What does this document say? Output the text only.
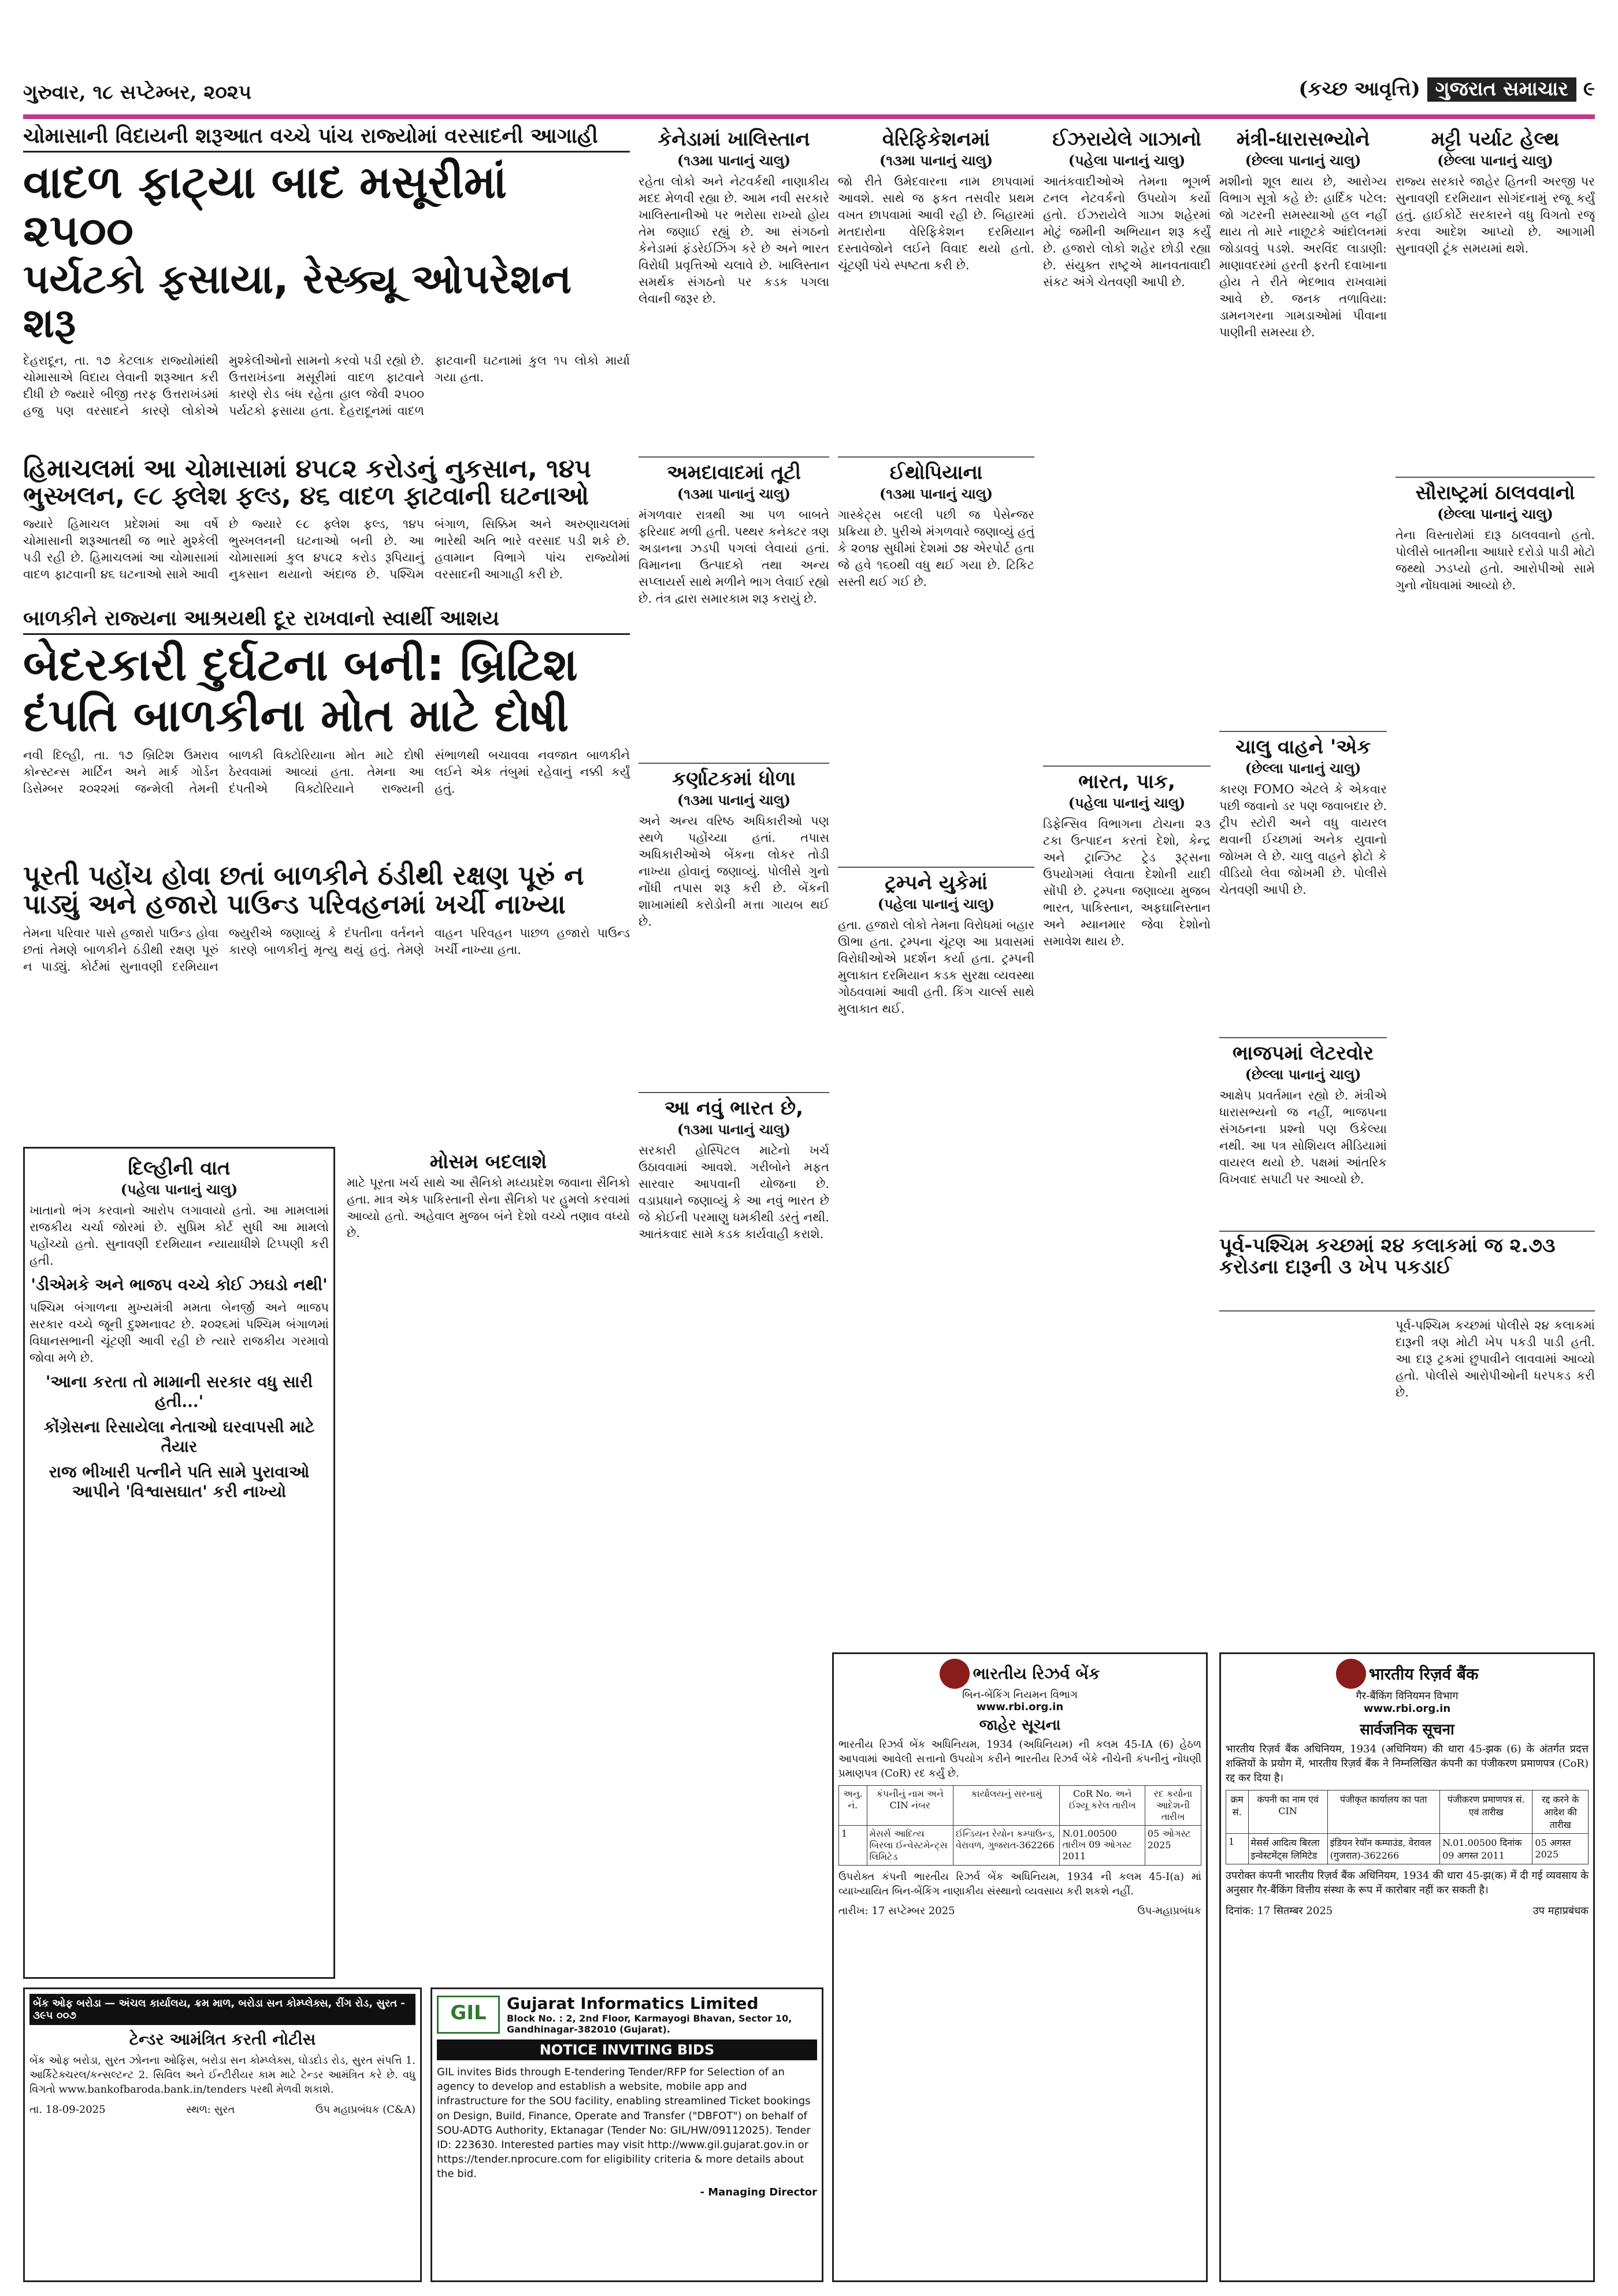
ગુરુવાર, ૧૮ સપ્ટેમ્બર, ૨૦૨૫	(કચ્છ આવૃત્તિ) ગુજરાત સમાચાર ૯
ચોમાસાની વિદાયની શરૂઆત વચ્ચે પાંચ રાજ્યોમાં વરસાદની આગાહી
વાદળ ફાટ્યા બાદ મસૂરીમાં ૨૫૦૦
પર્યટકો ફસાયા, રેસ્ક્યૂ ઓપરેશન શરૂ
દેહરાદૂન, તા. ૧૭ કેટલાક રાજ્યોમાંથી ચોમાસાએ વિદાય લેવાની શરૂઆત કરી દીધી છે જ્યારે બીજી તરફ ઉત્તરાખંડમાં હજુ પણ વરસાદને કારણે લોકોએ મુશ્કેલીઓનો સામનો કરવો પડી રહ્યો છે. ઉત્તરાખંડના મસૂરીમાં વાદળ ફાટવાને કારણે રોડ બંધ રહેતા હાલ જેવી ૨૫૦૦ પર્યટકો ફસાયા હતા. દેહરાદૂનમાં વાદળ ફાટવાની ઘટનામાં કુલ ૧૫ લોકો માર્યા ગયા હતા.
હિમાચલમાં આ ચોમાસામાં ૪૫૮૨ કરોડનું નુકસાન, ૧૪૫ ભુસ્ખલન, ૯૮ ફ્લેશ ફલ્ડ, ૪૬ વાદળ ફાટવાની ઘટનાઓ
જ્યારે હિમાચલ પ્રદેશમાં આ વર્ષે ચોમાસાની શરૂઆતથી જ ભારે મુશ્કેલી પડી રહી છે. હિમાચલમાં આ ચોમાસામાં વાદળ ફાટવાની ૪૬ ઘટનાઓ સામે આવી છે જ્યારે ૯૮ ફ્લેશ ફલ્ડ, ૧૪૫ ભુસ્ખલનની ઘટનાઓ બની છે. આ ચોમાસામાં કુલ ૪૫૮૨ કરોડ રૂપિયાનું નુકસાન થયાનો અંદાજ છે. પશ્ચિમ બંગાળ, સિક્કિમ અને અરુણાચલમાં ભારેથી અતિ ભારે વરસાદ પડી શકે છે. હવામાન વિભાગે પાંચ રાજ્યોમાં વરસાદની આગાહી કરી છે.
બાળકીને રાજ્યના આશ્રયથી દૂર રાખવાનો સ્વાર્થી આશય
બેદરકારી દુર્ઘટના બની: બ્રિટિશ
દંપતિ બાળકીના મોત માટે દોષી
નવી દિલ્હી, તા. ૧૭ બ્રિટિશ ઉમરાવ કોન્સ્ટન્સ માર્ટિન અને માર્ક ગોર્ડન ડિસેમ્બર ૨૦૨૨માં જન્મેલી તેમની બાળકી વિક્ટોરિયાના મોત માટે દોષી ઠેરવવામાં આવ્યાં હતા. તેમના આ દંપતીએ વિક્ટોરિયાને રાજ્યની સંભાળથી બચાવવા નવજાત બાળકીને લઈને એક તંબુમાં રહેવાનું નક્કી કર્યું હતું.
પૂરતી પહોંચ હોવા છતાં બાળકીને ઠંડીથી રક્ષણ પૂરું ન પાડ્યું અને હજારો પાઉન્ડ પરિવહનમાં ખર્ચી નાખ્યા
તેમના પરિવાર પાસે હજારો પાઉન્ડ હોવા છતાં તેમણે બાળકીને ઠંડીથી રક્ષણ પૂરું ન પાડ્યું. કોર્ટમાં સુનાવણી દરમિયાન જ્યુરીએ જણાવ્યું કે દંપતીના વર્તનને કારણે બાળકીનું મૃત્યુ થયું હતું. તેમણે વાહન પરિવહન પાછળ હજારો પાઉન્ડ ખર્ચી નાખ્યા હતા.
દિલ્હીની વાત
(પહેલા પાનાનું ચાલુ)
ખાતાનો ભંગ કરવાનો આરોપ લગાવાયો હતો. આ મામલામાં રાજકીય ચર્ચા જોરમાં છે. સુપ્રિમ કોર્ટ સુધી આ મામલો પહોંચ્યો હતો. સુનાવણી દરમિયાન ન્યાયાધીશે ટિપ્પણી કરી હતી.
'ડીએમકે અને ભાજપ વચ્ચે કોઈ ઝઘડો નથી'
પશ્ચિમ બંગાળના મુખ્યમંત્રી મમતા બેનર્જી અને ભાજપ સરકાર વચ્ચે જૂની દુશ્મનાવટ છે. ૨૦૨૬માં પશ્ચિમ બંગાળમાં વિધાનસભાની ચૂંટણી આવી રહી છે ત્યારે રાજકીય ગરમાવો જોવા મળે છે.
'આના કરતા તો મામાની સરકાર વધુ સારી હતી...'
કોંગ્રેસના રિસાયેલા નેતાઓ ઘરવાપસી માટે તૈયાર
રાજ ભીખારી પત્નીને પતિ સામે પુરાવાઓ આપીને 'વિશ્વાસઘાત' કરી નાખ્યો
મોસમ બદલાશે
માટે પૂરતા ખર્ચ સાથે આ સૈનિકો મધ્યપ્રદેશ જવાના સૈનિકો હતા. માત્ર એક પાકિસ્તાની સેના સૈનિકો પર હુમલો કરવામાં આવ્યો હતો. અહેવાલ મુજબ બંને દેશો વચ્ચે તણાવ વધ્યો છે.
કેનેડામાં ખાલિસ્તાન
(૧૩મા પાનાનું ચાલુ)
રહેતા લોકો અને નેટવર્કથી નાણાકીય મદદ મેળવી રહ્યા છે. આમ નવી સરકારે ખાલિસ્તાનીઓ પર ભરોસા રાખ્યો હોય તેમ જણાઈ રહ્યું છે. આ સંગઠનો કેનેડામાં ફંડરેઈઝિંગ કરે છે અને ભારત વિરોધી પ્રવૃત્તિઓ ચલાવે છે. ખાલિસ્તાન સમર્થક સંગઠનો પર કડક પગલા લેવાની જરૂર છે.
અમદાવાદમાં તૂટી
(૧૩મા પાનાનું ચાલુ)
મંગળવાર રાત્રથી આ પળ બાબતે ફરિયાદ મળી હતી. પથ્થર કનેક્ટર ત્રણ અડાનના ઝડપી પગલાં લેવાયાં હતાં. વિમાનના ઉત્પાદકો તથા અન્ય સપ્લાયર્સ સાથે મળીને ભાગ લેવાઈ રહ્યો છે. તંત્ર દ્વારા સમારકામ શરૂ કરાયું છે.
કર્ણાટકમાં ધોળા
(૧૩મા પાનાનું ચાલુ)
અને અન્ય વરિષ્ઠ અધિકારીઓ પણ સ્થળે પહોંચ્યા હતાં. તપાસ અધિકારીઓએ બેંકના લોકર તોડી નાખ્યા હોવાનું જણાવ્યું. પોલીસે ગુનો નોંધી તપાસ શરૂ કરી છે. બેંકની શાખામાંથી કરોડોની મત્તા ગાયબ થઈ છે.
આ નવું ભારત છે,
(૧૩મા પાનાનું ચાલુ)
સરકારી હોસ્પિટલ માટેનો ખર્ચ ઉઠાવવામાં આવશે. ગરીબોને મફત સારવાર આપવાની યોજના છે. વડાપ્રધાને જણાવ્યું કે આ નવું ભારત છે જે કોઈની પરમાણુ ધમકીથી ડરતું નથી. આતંકવાદ સામે કડક કાર્યવાહી કરાશે.
વેરિફિકેશનમાં
(૧૩મા પાનાનું ચાલુ)
જો રીતે ઉમેદવારના નામ છાપવામાં આવશે. સાથે જ ફકત તસવીર પ્રથમ વખત છાપવામાં આવી રહી છે. બિહારમાં મતદારોના વેરિફિકેશન દરમિયાન દસ્તાવેજોને લઈને વિવાદ થયો હતો. ચૂંટણી પંચે સ્પષ્ટતા કરી છે.
ઈથોપિયાના
(૧૩મા પાનાનું ચાલુ)
ગાસ્કેટ્સ બદલી પછી જ પેસેન્જર પ્રક્રિયા છે. પુરીએ મંગળવારે જણાવ્યું હતું કે ૨૦૧૪ સુધીમાં દેશમાં ૭૪ એરપોર્ટ હતા જે હવે ૧૬૦થી વધુ થઈ ગયા છે. ટિકિટ સસ્તી થઈ ગઈ છે.
ટ્રમ્પને યુકેમાં
(પહેલા પાનાનું ચાલુ)
હતા. હજારો લોકો તેમના વિરોધમાં બહાર ઊભા હતા. ટ્રમ્પના ચૂંટણ આ પ્રવાસમાં વિરોધીઓએ પ્રદર્શન કર્યા હતા. ટ્રમ્પની મુલાકાત દરમિયાન કડક સુરક્ષા વ્યવસ્થા ગોઠવવામાં આવી હતી. કિંગ ચાર્લ્સ સાથે મુલાકાત થઈ.
ઈઝરાયેલે ગાઝાનો
(પહેલા પાનાનું ચાલુ)
આતંકવાદીઓએ તેમના ભૂગર્ભ ટનલ નેટવર્કનો ઉપયોગ કર્યો હતો. ઈઝરાયેલે ગાઝા શહેરમાં મોટું જમીની અભિયાન શરૂ કર્યું છે. હજારો લોકો શહેર છોડી રહ્યા છે. સંયુક્ત રાષ્ટ્રએ માનવતાવાદી સંકટ અંગે ચેતવણી આપી છે.
ભારત, પાક,
(પહેલા પાનાનું ચાલુ)
ડિફેન્સિવ વિભાગના ટોચના ૨૩ ટકા ઉત્પાદન કરતાં દેશો, કેન્દ્ર અને ટ્રાન્ઝિટ ટ્રેડ રૂટ્સના ઉપયોગમાં લેવાતા દેશોની યાદી સોંપી છે. ટ્રમ્પના જણાવ્યા મુજબ ભારત, પાકિસ્તાન, અફઘાનિસ્તાન અને મ્યાનમાર જેવા દેશોનો સમાવેશ થાય છે.
મંત્રી-ધારાસભ્યોને
(છેલ્લા પાનાનું ચાલુ)
મશીનો શૂલ થાય છે, આરોગ્ય વિભાગ સૂત્રો કહે છે: હાર્દિક પટેલ: જો ગટરની સમસ્યાઓ હલ નહીં થાય તો મારે નાછૂટકે આંદોલનમાં જોડાવવું પડશે. અરવિંદ લાડાણી: માણાવદરમાં હરતી ફરતી દવાખાના હોય તે રીતે ભેદભાવ રાખવામાં આવે છે. જનક તળાવિયા: ડામનગરના ગામડાઓમાં પીવાના પાણીની સમસ્યા છે.
ચાલુ વાહને 'એક
(છેલ્લા પાનાનું ચાલુ)
કારણ FOMO એટલે કે એકવાર પછી જવાનો ડર પણ જવાબદાર છે. ટ્રીપ સ્ટોરી અને વધુ વાયરલ થવાની ઈચ્છામાં અનેક યુવાનો જોખમ લે છે. ચાલુ વાહને ફોટો કે વીડિયો લેવા જોખમી છે. પોલીસે ચેતવણી આપી છે.
ભાજપમાં લેટરવોર
(છેલ્લા પાનાનું ચાલુ)
આક્ષેપ પ્રવર્તમાન રહ્યો છે. મંત્રીએ ધારાસભ્યનો જ નહીં, ભાજપના સંગઠનના પ્રશ્નો પણ ઉકેલ્યા નથી. આ પત્ર સોશિયલ મીડિયામાં વાયરલ થયો છે. પક્ષમાં આંતરિક વિખવાદ સપાટી પર આવ્યો છે.
મટ્ટી પર્યાટ હેલ્થ
(છેલ્લા પાનાનું ચાલુ)
રાજ્ય સરકારે જાહેર હિતની અરજી પર સુનાવણી દરમિયાન સોગંદનામું રજૂ કર્યું હતું. હાઈકોર્ટે સરકારને વધુ વિગતો રજૂ કરવા આદેશ આપ્યો છે. આગામી સુનાવણી ટૂંક સમયમાં થશે.
સૌરાષ્ટ્રમાં ઠાલવવાનો
(છેલ્લા પાનાનું ચાલુ)
તેના વિસ્તારોમાં દારૂ ઠાલવવાનો હતો. પોલીસે બાતમીના આધારે દરોડો પાડી મોટો જથ્થો ઝડપ્યો હતો. આરોપીઓ સામે ગુનો નોંધવામાં આવ્યો છે.
પૂર્વ-પશ્ચિમ કચ્છમાં ૨૪ કલાકમાં જ ૨.૭૩ કરોડના દારૂની ૩ ખેપ પકડાઈ
પૂર્વ-પશ્ચિમ કચ્છમાં પોલીસે ૨૪ કલાકમાં દારૂની ત્રણ મોટી ખેપ પકડી પાડી હતી. આ દારૂ ટ્રકમાં છુપાવીને લાવવામાં આવ્યો હતો. પોલીસે આરોપીઓની ધરપકડ કરી છે.
ભારતીય રિઝર્વ બેંક
બિન-બેંકિંગ નિયમન વિભાગ
www.rbi.org.in
જાહેર સૂચના
ભારતીય રિઝર્વ બેંક અધિનિયમ, 1934 (અધિનિયમ) ની કલમ 45-IA (6) હેઠળ આપવામાં આવેલી સત્તાનો ઉપયોગ કરીને ભારતીય રિઝર્વ બેંકે નીચેની કંપનીનું નોંધણી પ્રમાણપત્ર (CoR) રદ કર્યું છે.
અનુ. નં.	કંપનીનું નામ અને CIN નંબર	કાર્યાલયનું સરનામું	CoR No. અને ઈશ્યૂ કરેલ તારીખ	રદ કર્યાના આદેશની તારીખ
1	મેસર્સ આદિત્ય બિરલા ઈન્વેસ્ટમેન્ટ્સ લિમિટેડ	ઈન્ડિયન રેયોન કમ્પાઉન્ડ, વેરાવળ, ગુજરાત-362266	N.01.00500 તારીખ 09 ઓગસ્ટ 2011	05 ઓગસ્ટ 2025
ઉપરોક્ત કંપની ભારતીય રિઝર્વ બેંક અધિનિયમ, 1934 ની કલમ 45-I(a) માં વ્યાખ્યાયિત બિન-બેંકિંગ નાણાકીય સંસ્થાનો વ્યવસાય કરી શકશે નહીં.
તારીખ: 17 સપ્ટેમ્બર 2025	ઉપ-મહાપ્રબંધક
भारतीय रिज़र्व बैंक
गैर-बैंकिंग विनियमन विभाग
www.rbi.org.in
सार्वजनिक सूचना
भारतीय रिज़र्व बैंक अधिनियम, 1934 (अधिनियम) की धारा 45-झक (6) के अंतर्गत प्रदत्त शक्तियों के प्रयोग में, भारतीय रिज़र्व बैंक ने निम्नलिखित कंपनी का पंजीकरण प्रमाणपत्र (CoR) रद्द कर दिया है।
क्रम सं.	कंपनी का नाम एवं CIN	पंजीकृत कार्यालय का पता	पंजीकरण प्रमाणपत्र सं. एवं तारीख	रद्द करने के आदेश की तारीख
1	मेसर्स आदित्य बिरला इन्वेस्टमेंट्स लिमिटेड	इंडियन रेयॉन कम्पाउंड, वेरावल (गुजरात)-362266	N.01.00500 दिनांक 09 अगस्त 2011	05 अगस्त 2025
उपरोक्त कंपनी भारतीय रिज़र्व बैंक अधिनियम, 1934 की धारा 45-झ(क) में दी गई व्यवसाय के अनुसार गैर-बैंकिंग वित्तीय संस्था के रूप में कारोबार नहीं कर सकती है।
दिनांक: 17 सितम्बर 2025	उप महाप्रबंधक
બેંક ઓફ બરોડા — અંચલ કાર્યાલય, ક્રમ માળ, બરોડા સન કોમ્પ્લેક્સ, રીંગ રોડ, સુરત - ૩૯૫ ૦૦૭
ટેન્ડર આમંત્રિત કરતી નોટીસ
બેંક ઓફ બરોડા, સુરત ઝોનના ઓફિસ, બરોડા સન કોમ્પ્લેક્સ, ઘોડદોડ રોડ, સુરત સંપત્તિ 1. આર્કિટેક્ચરલ/કન્સલ્ટન્ટ 2. સિવિલ અને ઈન્ટીરીયર કામ માટે ટેન્ડર આમંત્રિત કરે છે. વધુ વિગતો www.bankofbaroda.bank.in/tenders પરથી મેળવી શકાશે.
તા. 18-09-2025	સ્થળ: સુરત	ઉપ મહાપ્રબંધક (C&A)
GIL	Gujarat Informatics Limited
Block No. : 2, 2nd Floor, Karmayogi Bhavan, Sector 10, Gandhinagar-382010 (Gujarat).
NOTICE INVITING BIDS
GIL invites Bids through E-tendering Tender/RFP for Selection of an agency to develop and establish a website, mobile app and infrastructure for the SOU facility, enabling streamlined Ticket bookings on Design, Build, Finance, Operate and Transfer ("DBFOT") on behalf of SOU-ADTG Authority, Ektanagar (Tender No: GIL/HW/09112025). Tender ID: 223630. Interested parties may visit http://www.gil.gujarat.gov.in or https://tender.nprocure.com for eligibility criteria & more details about the bid.
- Managing Director
